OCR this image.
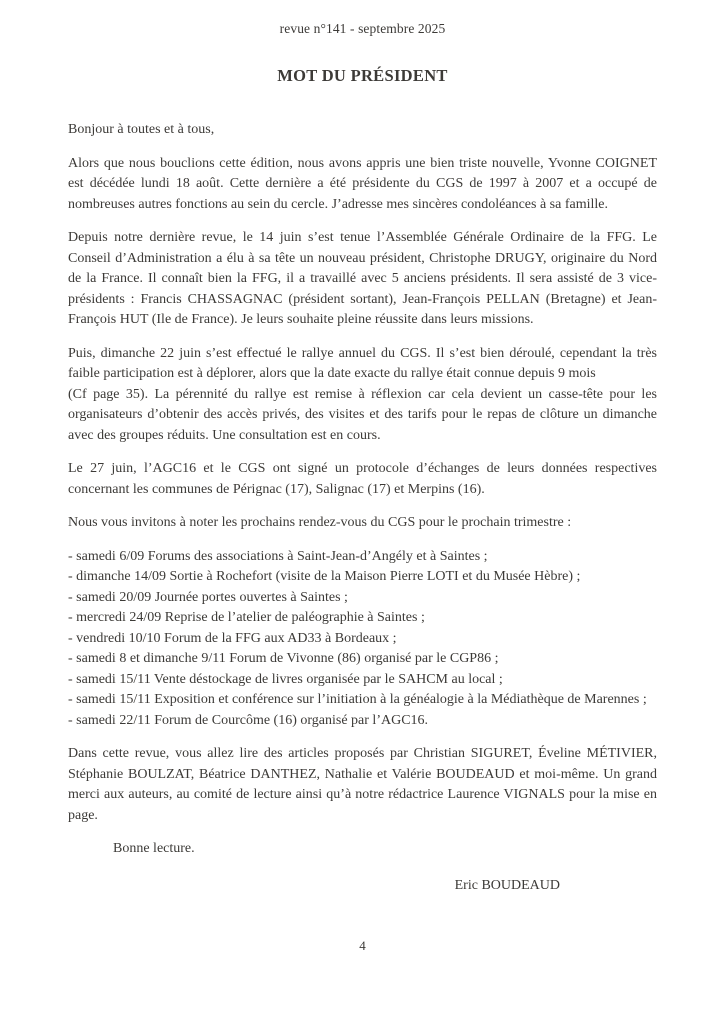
revue n°141 - septembre 2025
MOT DU PRÉSIDENT

Bonjour à toutes et à tous,

Alors que nous bouclions cette édition, nous avons appris une bien triste nouvelle, Yvonne COIGNET est décédée lundi 18 août. Cette dernière a été présidente du CGS de 1997 à 2007 et a occupé de nombreuses autres fonctions au sein du cercle. J’adresse mes sincères condoléances à sa famille.

Depuis notre dernière revue, le 14 juin s’est tenue l’Assemblée Générale Ordinaire de la FFG. Le Conseil d’Administration a élu à sa tête un nouveau président, Christophe DRUGY, originaire du Nord de la France. Il connaît bien la FFG, il a travaillé avec 5 anciens présidents. Il sera assisté de 3 vice-présidents : Francis CHASSAGNAC (président sortant), Jean-François PELLAN (Bretagne) et Jean-François HUT (Ile de France). Je leurs souhaite pleine réussite dans leurs missions.

Puis, dimanche 22 juin s’est effectué le rallye annuel du CGS. Il s’est bien déroulé, cependant la très faible participation est à déplorer, alors que la date exacte du rallye était connue depuis 9 mois
(Cf page 35). La pérennité du rallye est remise à réflexion car cela devient un casse-tête pour les organisateurs d’obtenir des accès privés, des visites et des tarifs pour le repas de clôture un dimanche avec des groupes réduits. Une consultation est en cours.

Le 27 juin, l’AGC16 et le CGS ont signé un protocole d’échanges de leurs données respectives concernant les communes de Pérignac (17), Salignac (17) et Merpins (16).

Nous vous invitons à noter les prochains rendez-vous du CGS pour le prochain trimestre :

- samedi 6/09 Forums des associations à Saint-Jean-d’Angély et à Saintes ;

- dimanche 14/09 Sortie à Rochefort (visite de la Maison Pierre LOTI et du Musée Hèbre) ;

- samedi 20/09 Journée portes ouvertes à Saintes ;

- mercredi 24/09 Reprise de l’atelier de paléographie à Saintes ;

- vendredi 10/10 Forum de la FFG aux AD33 à Bordeaux ;

- samedi 8 et dimanche 9/11 Forum de Vivonne (86) organisé par le CGP86 ;

- samedi 15/11 Vente déstockage de livres organisée par le SAHCM au local ;

- samedi 15/11 Exposition et conférence sur l’initiation à la généalogie à la Médiathèque de Marennes ;

- samedi 22/11 Forum de Courcôme (16) organisé par l’AGC16.

Dans cette revue, vous allez lire des articles proposés par Christian SIGURET, Éveline MÉTIVIER, Stéphanie BOULZAT, Béatrice DANTHEZ, Nathalie et Valérie BOUDEAUD et moi-même. Un grand merci aux auteurs, au comité de lecture ainsi qu’à notre rédactrice Laurence VIGNALS pour la mise en page.

Bonne lecture.

Eric BOUDEAUD
4
